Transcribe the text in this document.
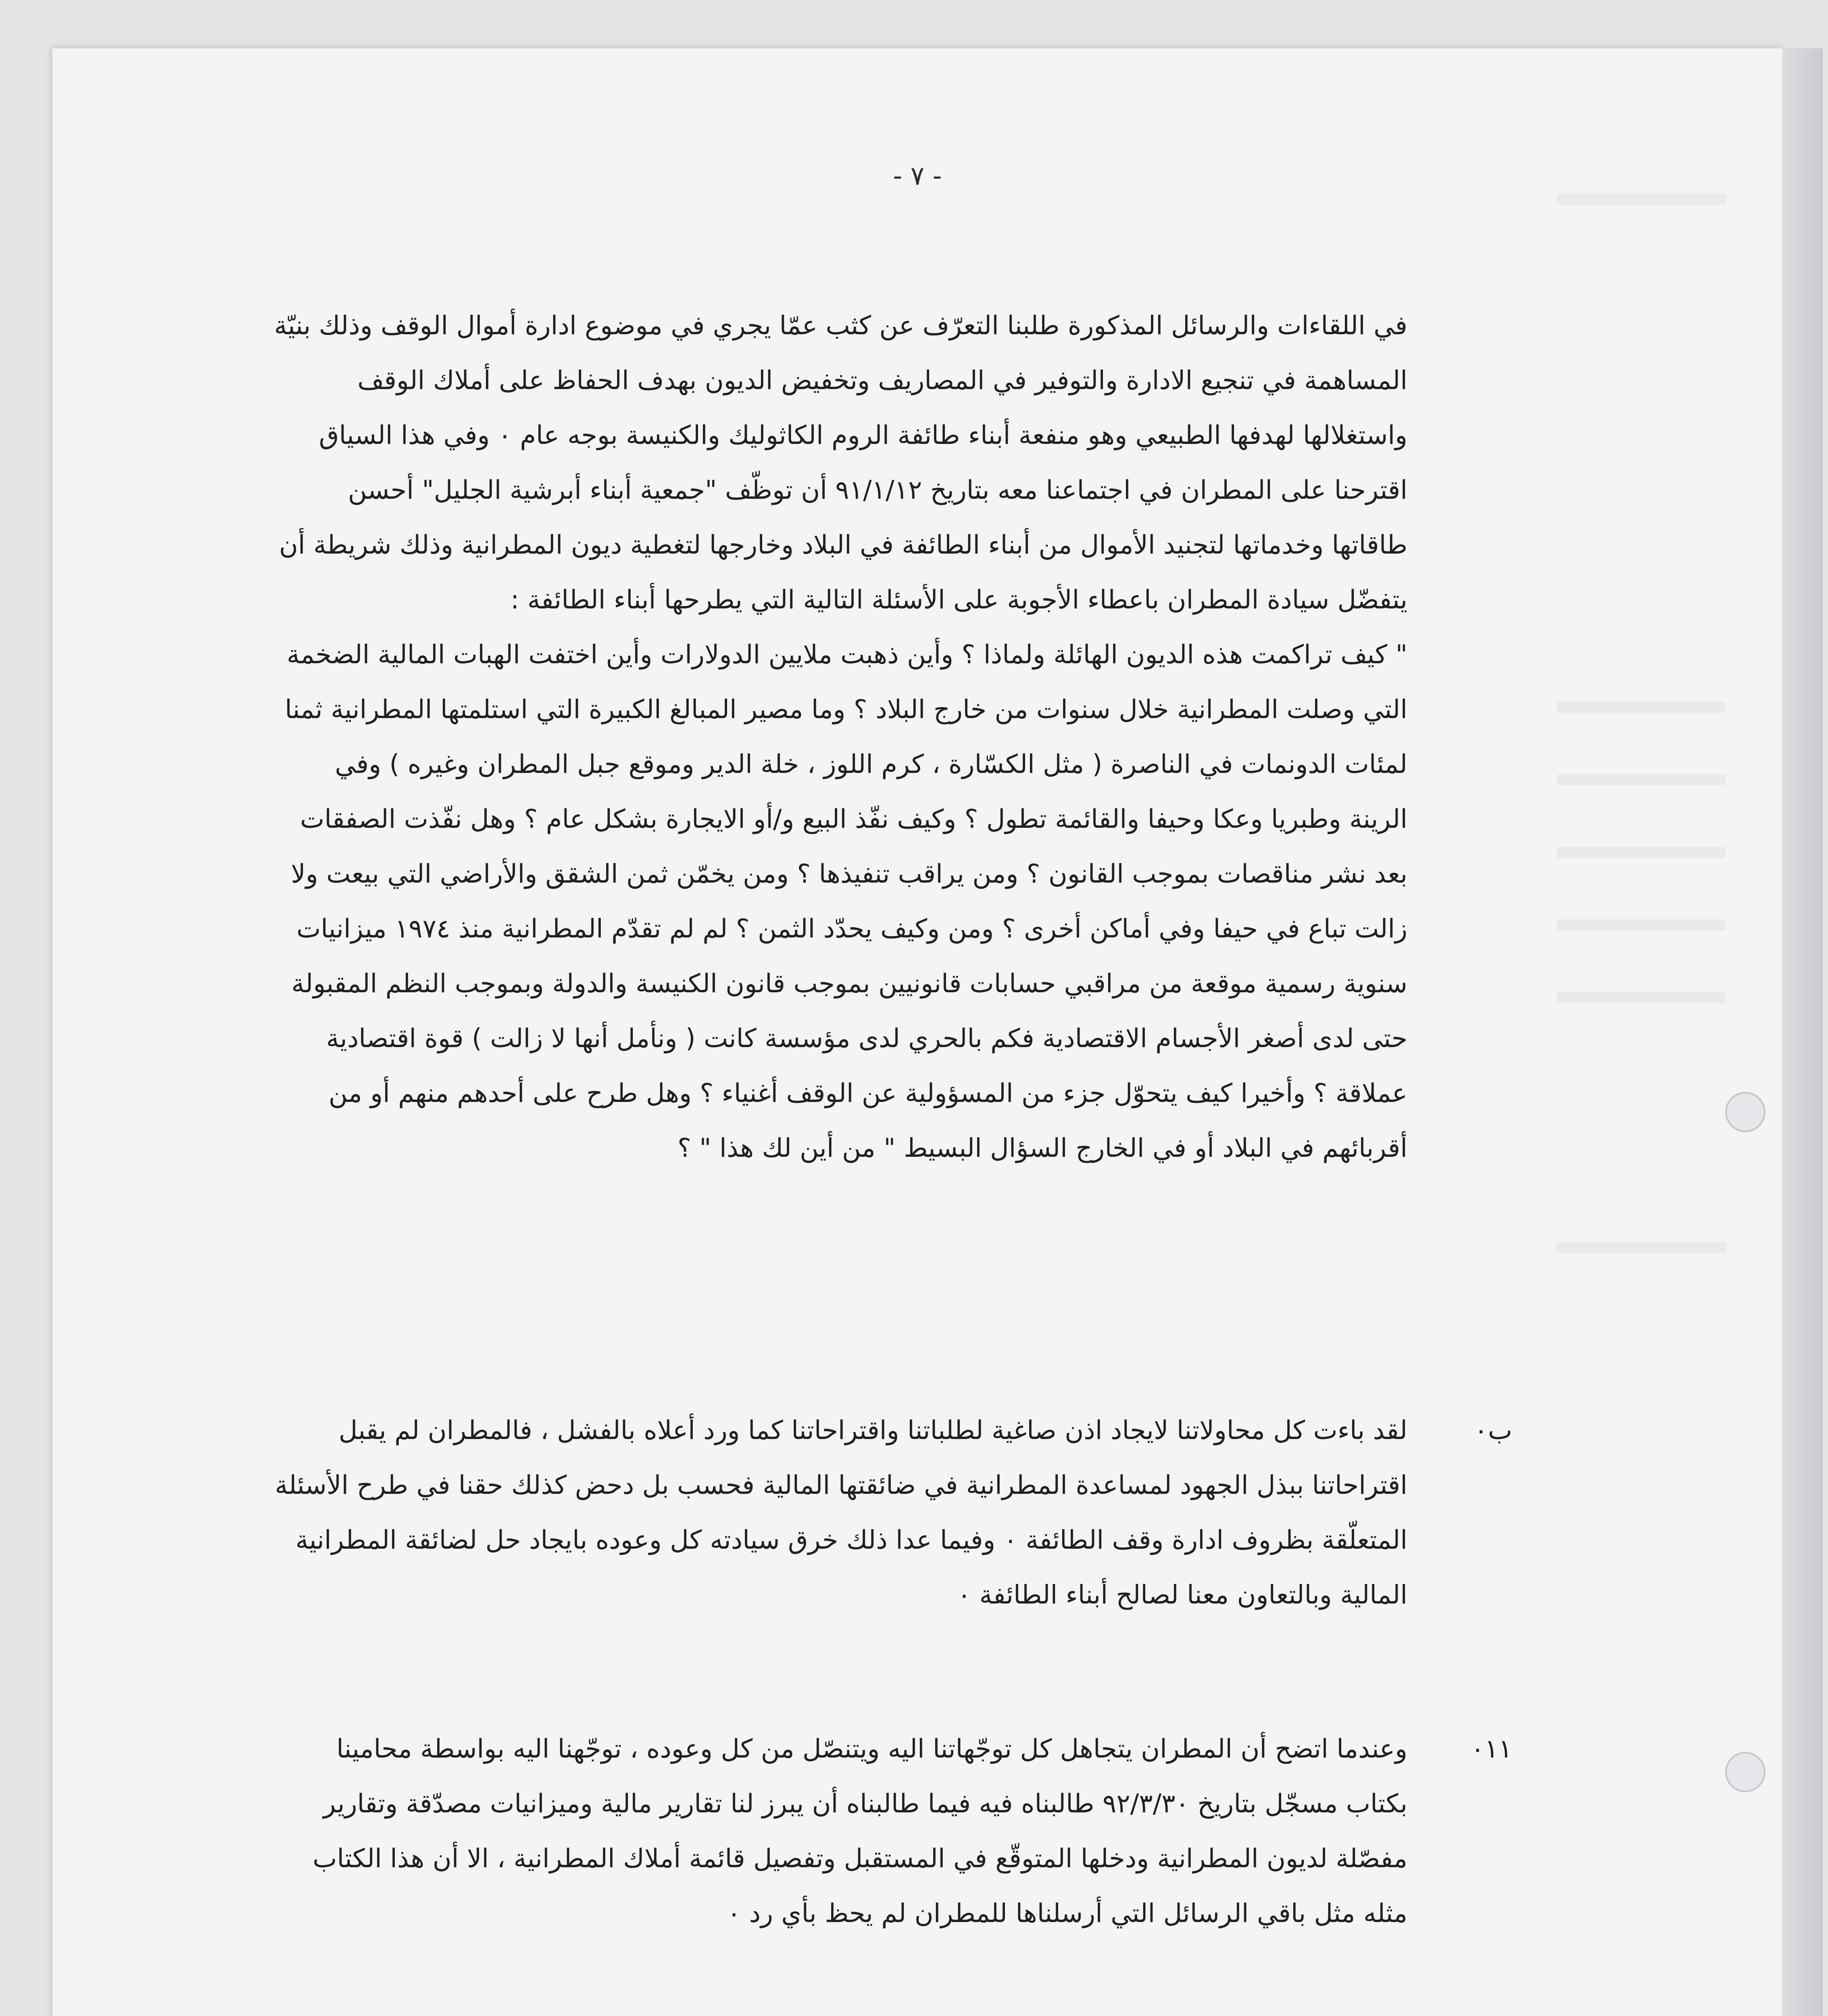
- ٧ -
في اللقاءات والرسائل المذكورة طلبنا التعرّف عن كثب عمّا يجري في موضوع ادارة أموال الوقف وذلك بنيّة المساهمة في تنجيع الادارة والتوفير في المصاريف وتخفيض الديون بهدف الحفاظ على أملاك الوقف واستغلالها لهدفها الطبيعي وهو منفعة أبناء طائفة الروم الكاثوليك والكنيسة بوجه عام ٠ وفي هذا السياق اقترحنا على المطران في اجتماعنا معه بتاريخ ٩١/١/١٢ أن توظّف "جمعية أبناء أبرشية الجليل" أحسن طاقاتها وخدماتها لتجنيد الأموال من أبناء الطائفة في البلاد وخارجها لتغطية ديون المطرانية وذلك شريطة أن يتفضّل سيادة المطران باعطاء الأجوبة على الأسئلة التالية التي يطرحها أبناء الطائفة :
" كيف تراكمت هذه الديون الهائلة ولماذا ؟ وأين ذهبت ملايين الدولارات وأين اختفت الهبات المالية الضخمة التي وصلت المطرانية خلال سنوات من خارج البلاد ؟ وما مصير المبالغ الكبيرة التي استلمتها المطرانية ثمنا لمئات الدونمات في الناصرة ( مثل الكسّارة ، كرم اللوز ، خلة الدير وموقع جبل المطران وغيره ) وفي الرينة وطبريا وعكا وحيفا والقائمة تطول ؟ وكيف نفّذ البيع و/أو الايجارة بشكل عام ؟ وهل نفّذت الصفقات بعد نشر مناقصات بموجب القانون ؟ ومن يراقب تنفيذها ؟ ومن يخمّن ثمن الشقق والأراضي التي بيعت ولا زالت تباع في حيفا وفي أماكن أخرى ؟ ومن وكيف يحدّد الثمن ؟ لم لم تقدّم المطرانية منذ ١٩٧٤ ميزانيات سنوية رسمية موقعة من مراقبي حسابات قانونيين بموجب قانون الكنيسة والدولة وبموجب النظم المقبولة حتى لدى أصغر الأجسام الاقتصادية فكم بالحري لدى مؤسسة كانت ( ونأمل أنها لا زالت ) قوة اقتصادية عملاقة ؟ وأخيرا كيف يتحوّل جزء من المسؤولية عن الوقف أغنياء ؟ وهل طرح على أحدهم منهم أو من أقربائهم في البلاد أو في الخارج السؤال البسيط " من أين لك هذا " ؟
ب٠
لقد باءت كل محاولاتنا لايجاد اذن صاغية لطلباتنا واقتراحاتنا كما ورد أعلاه بالفشل ، فالمطران لم يقبل اقتراحاتنا ببذل الجهود لمساعدة المطرانية في ضائقتها المالية فحسب بل دحض كذلك حقنا في طرح الأسئلة المتعلّقة بظروف ادارة وقف الطائفة ٠ وفيما عدا ذلك خرق سيادته كل وعوده بايجاد حل لضائقة المطرانية المالية وبالتعاون معنا لصالح أبناء الطائفة ٠
٠١١
وعندما اتضح أن المطران يتجاهل كل توجّهاتنا اليه ويتنصّل من كل وعوده ، توجّهنا اليه بواسطة محامينا بكتاب مسجّل بتاريخ ٩٢/٣/٣٠ طالبناه فيه فيما طالبناه أن يبرز لنا تقارير مالية وميزانيات مصدّقة وتقارير مفصّلة لديون المطرانية ودخلها المتوقّع في المستقبل وتفصيل قائمة أملاك المطرانية ، الا أن هذا الكتاب مثله مثل باقي الرسائل التي أرسلناها للمطران لم يحظ بأي رد ٠
